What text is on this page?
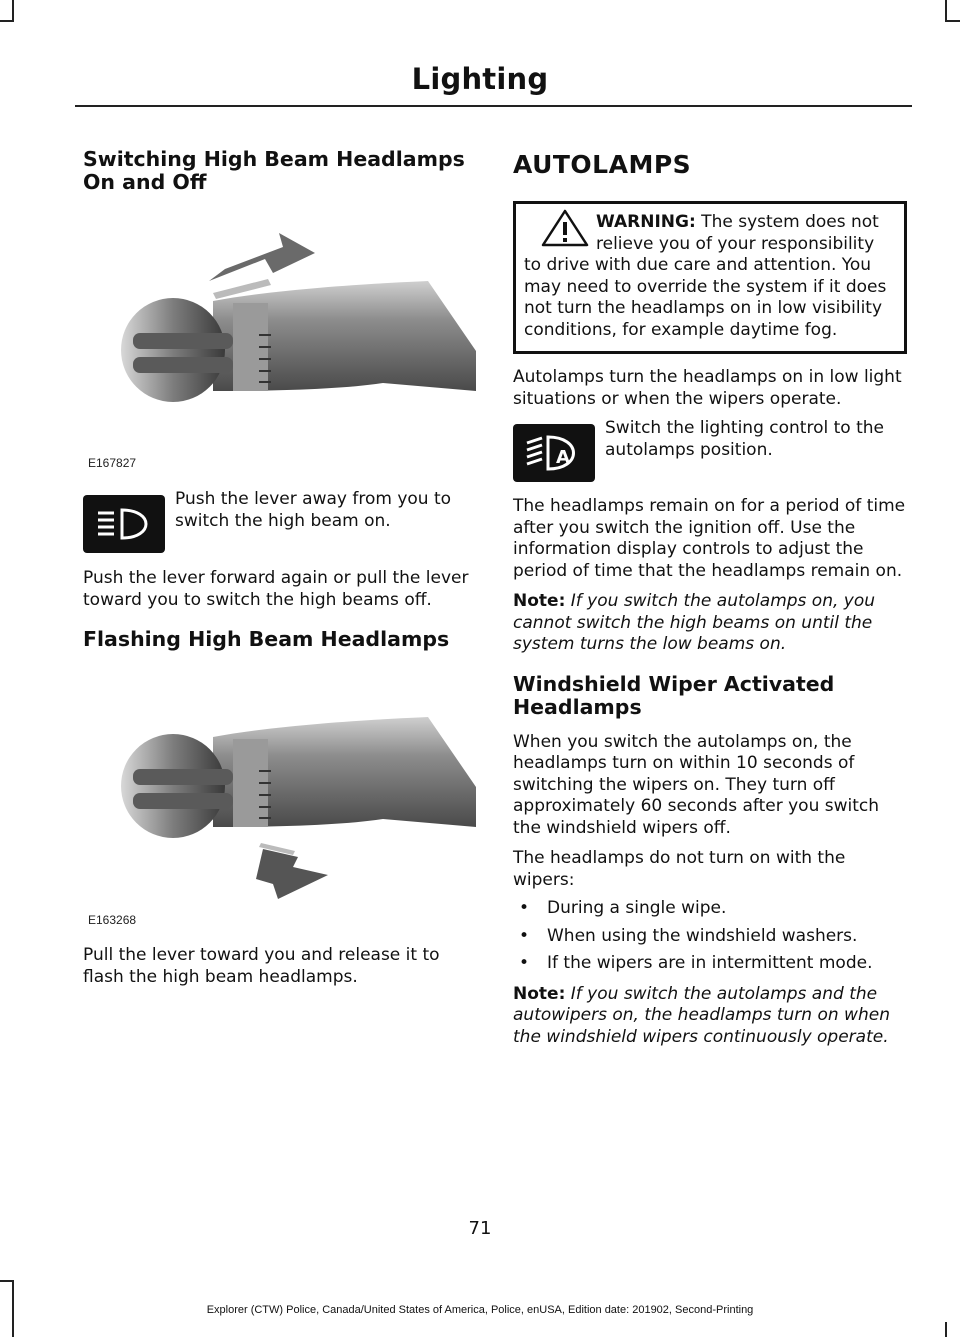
Lighting
Switching High Beam Headlamps On and Off
E167827

Push the lever away from you to switch the high beam on.

Push the lever forward again or pull the lever toward you to switch the high beams off.

Flashing High Beam Headlamps
E163268

Pull the lever toward you and release it to flash the high beam headlamps.

AUTOLAMPS

WARNING: The system does not relieve you of your responsibility to drive with due care and attention. You may need to override the system if it does not turn the headlamps on in low visibility conditions, for example daytime fog.

Autolamps turn the headlamps on in low light situations or when the wipers operate.

A

Switch the lighting control to the autolamps position.

The headlamps remain on for a period of time after you switch the ignition off. Use the information display controls to adjust the period of time that the headlamps remain on.

Note: If you switch the autolamps on, you cannot switch the high beams on until the system turns the low beams on.

Windshield Wiper Activated Headlamps

When you switch the autolamps on, the headlamps turn on within 10 seconds of switching the wipers on. They turn off approximately 60 seconds after you switch the windshield wipers off.

The headlamps do not turn on with the wipers:

• During a single wipe.
• When using the windshield washers.
• If the wipers are in intermittent mode.

Note: If you switch the autolamps and the autowipers on, the headlamps turn on when the windshield wipers continuously operate.

71
Explorer (CTW) Police, Canada/United States of America, Police, enUSA, Edition date: 201902, Second-Printing
